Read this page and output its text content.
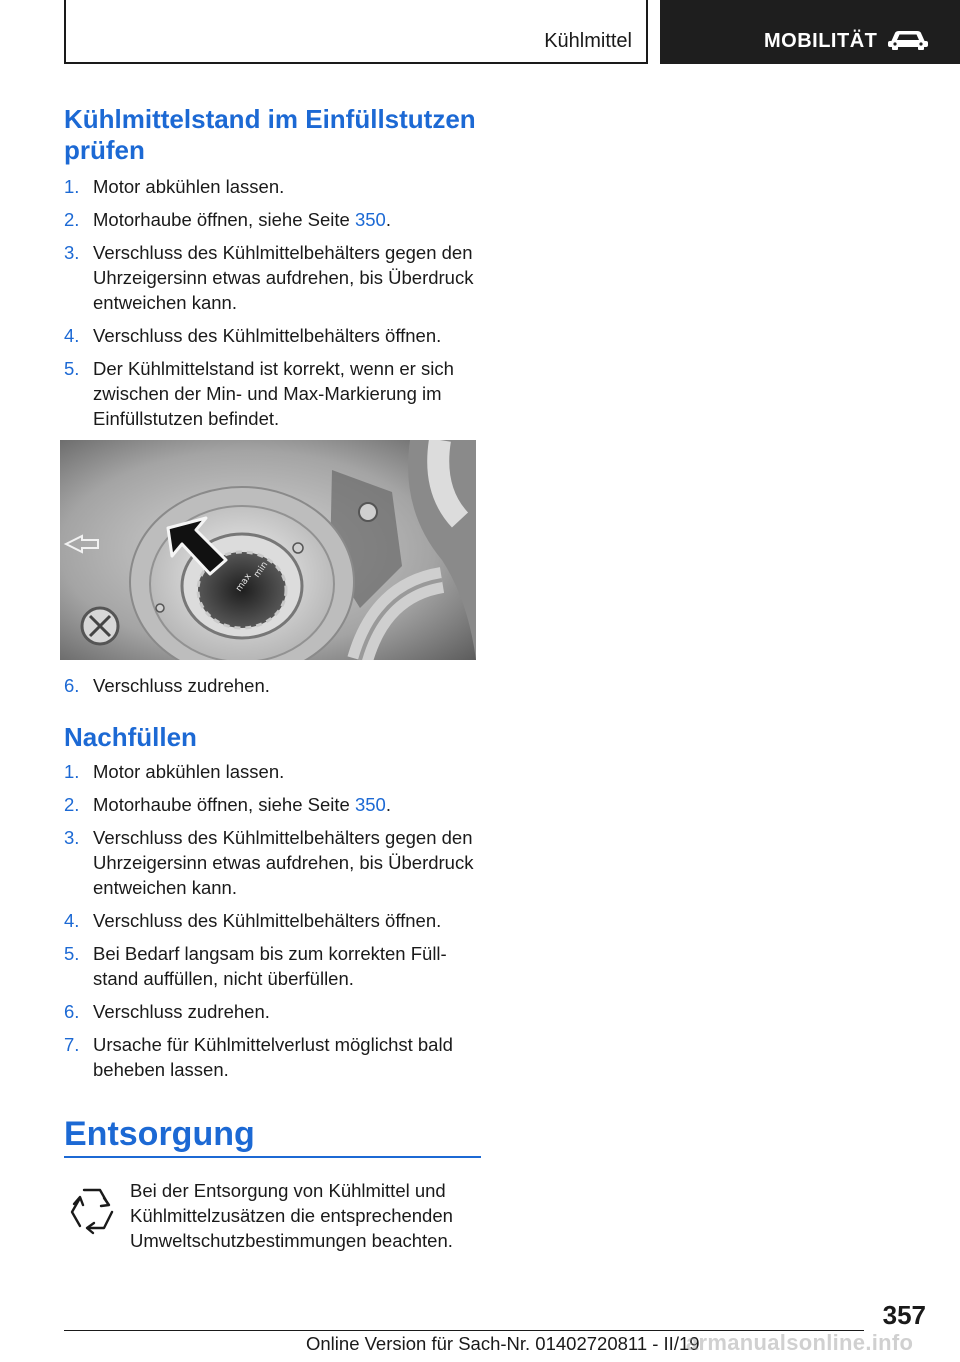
Kühlmittel	MOBILITÄT
Kühlmittelstand im Einfüllstutzen prüfen
1. Motor abkühlen lassen.
2. Motorhaube öffnen, siehe Seite 350.
3. Verschluss des Kühlmittelbehälters gegen den Uhrzeigersinn etwas aufdrehen, bis Überdruck entweichen kann.
4. Verschluss des Kühlmittelbehälters öffnen.
5. Der Kühlmittelstand ist korrekt, wenn er sich zwischen der Min- und Max-Markierung im Einfüllstutzen befindet.
max
min
6. Verschluss zudrehen.
Nachfüllen
1. Motor abkühlen lassen.
2. Motorhaube öffnen, siehe Seite 350.
3. Verschluss des Kühlmittelbehälters gegen den Uhrzeigersinn etwas aufdrehen, bis Überdruck entweichen kann.
4. Verschluss des Kühlmittelbehälters öffnen.
5. Bei Bedarf langsam bis zum korrekten Füll-stand auffüllen, nicht überfüllen.
6. Verschluss zudrehen.
7. Ursache für Kühlmittelverlust möglichst bald beheben lassen.
Entsorgung
Bei der Entsorgung von Kühlmittel und Kühlmittelzusätzen die entsprechenden Umweltschutzbestimmungen beachten.
357
Online Version für Sach-Nr. 01402720811 - II/19
armanualsonline.info
